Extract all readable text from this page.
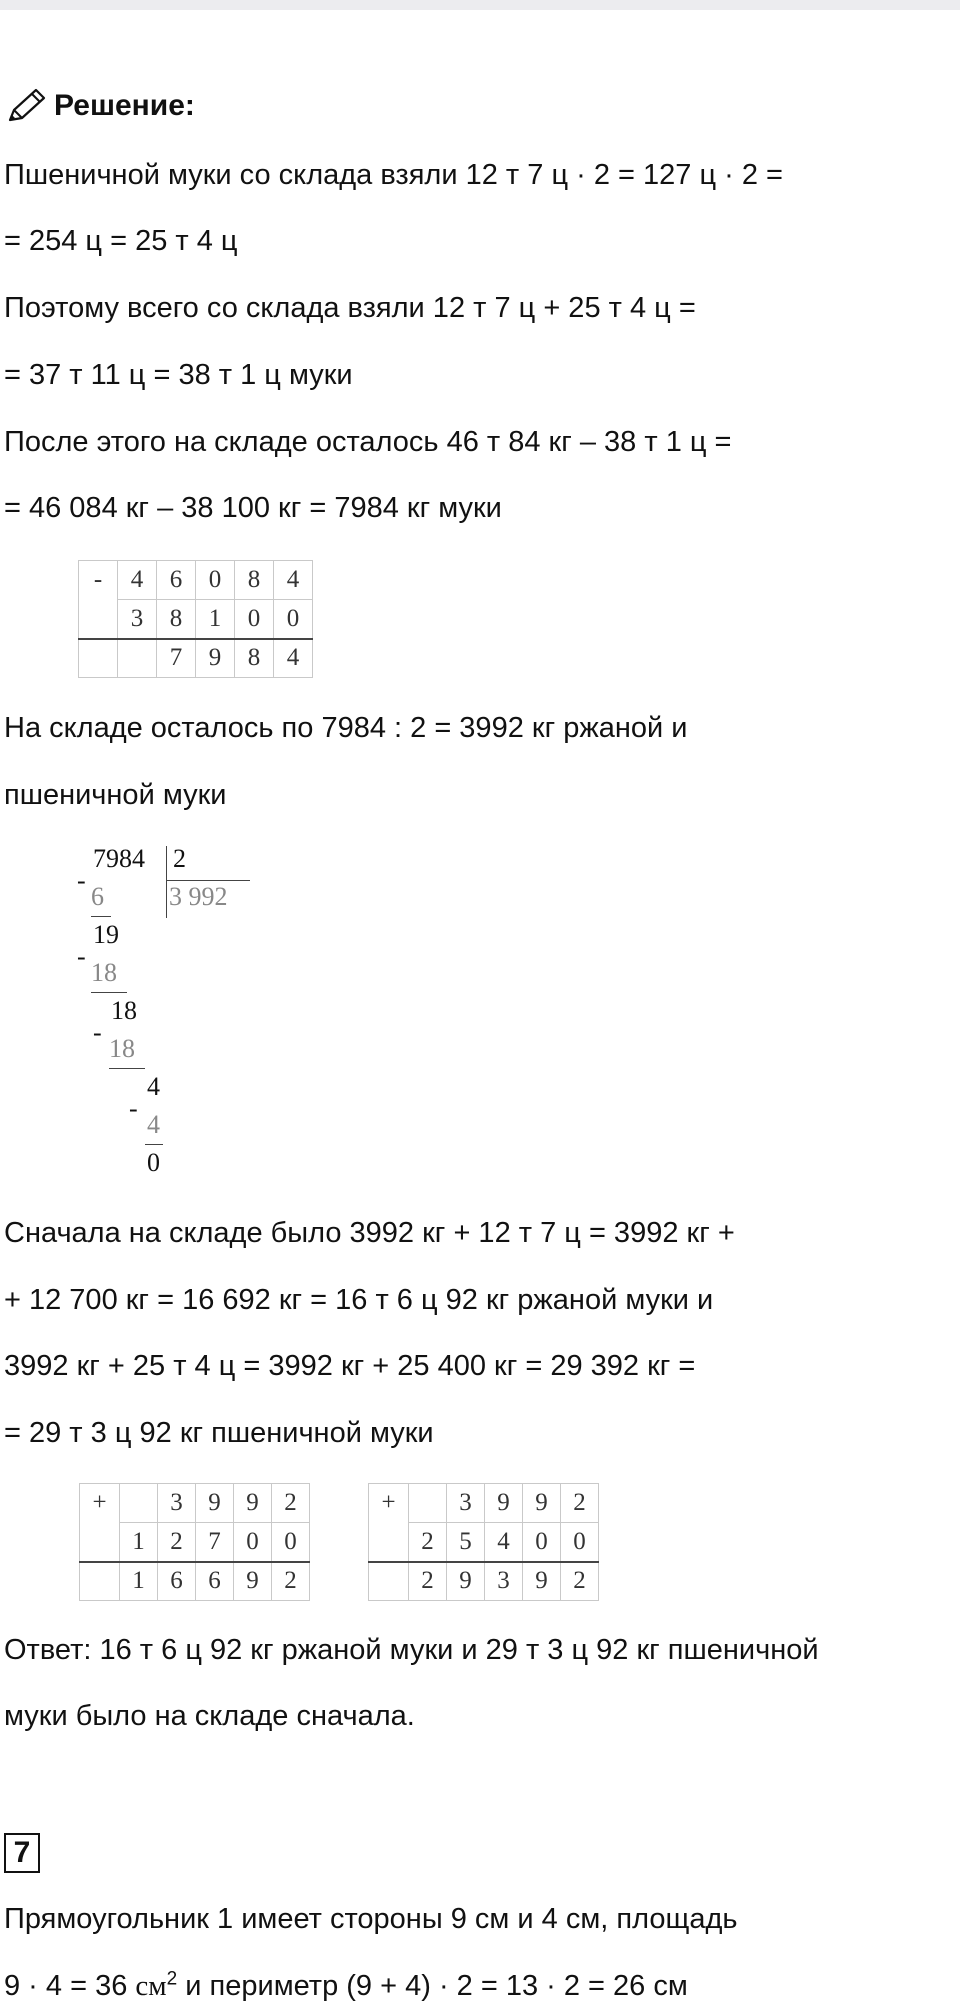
Решение:
Пшеничной муки со склада взяли 12 т 7 ц · 2 = 127 ц · 2 =
= 254 ц = 25 т 4 ц
Поэтому всего со склада взяли 12 т 7 ц + 25 т 4 ц =
= 37 т 11 ц = 38 т 1 ц муки
После этого на складе осталось 46 т 84 кг – 38 т 1 ц =
= 46 084 кг – 38 100 кг = 7984 кг муки
-	4	6	0	8	4
	3	8	1	0	0
		7	9	8	4
На складе осталось по 7984 : 2 = 3992 кг ржаной и
пшеничной муки
7984 2
3 992
-
6
19
-
18
18
-
18
4
-
4
0
Сначала на складе было 3992 кг + 12 т 7 ц = 3992 кг +
+ 12 700 кг = 16 692 кг = 16 т 6 ц 92 кг ржаной муки и
3992 кг + 25 т 4 ц = 3992 кг + 25 400 кг = 29 392 кг =
= 29 т 3 ц 92 кг пшеничной муки
+		3	9	9	2
	1	2	7	0	0
	1	6	6	9	2
+		3	9	9	2
	2	5	4	0	0
	2	9	3	9	2
Ответ: 16 т 6 ц 92 кг ржаной муки и 29 т 3 ц 92 кг пшеничной
муки было на складе сначала.
7
Прямоугольник 1 имеет стороны 9 см и 4 см, площадь
9 · 4 = 36 $см^2$ и периметр (9 + 4) · 2 = 13 · 2 = 26 см
